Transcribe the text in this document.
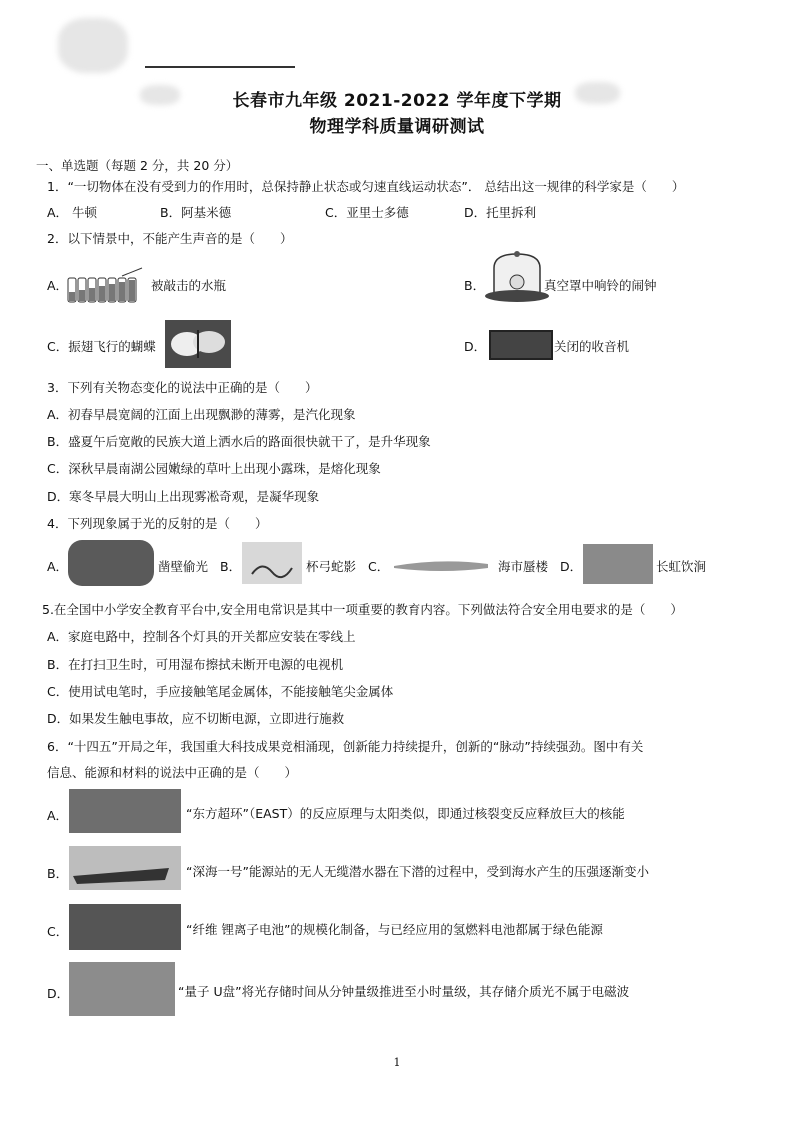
长春市九年级 2021-2022 学年度下学期
物理学科质量调研测试
一、单选题（每题 2 分，共 20 分）
1．“一切物体在没有受到力的作用时，总保持静止状态或匀速直线运动状态”． 总结出这一规律的科学家是（　　）
A． 牛顿	B．阿基米德	C．亚里士多德	D．托里拆利
2．以下情景中，不能产生声音的是（　　）
A．	被敲击的水瓶	B．	真空罩中响铃的闹钟
C．振翅飞行的蝴蝶	D．	关闭的收音机
3．下列有关物态变化的说法中正确的是（　　）
A．初春早晨宽阔的江面上出现飘渺的薄雾，是汽化现象
B．盛夏午后宽敞的民族大道上洒水后的路面很快就干了，是升华现象
C．深秋早晨南湖公园嫩绿的草叶上出现小露珠，是熔化现象
D．寒冬早晨大明山上出现雾凇奇观，是凝华现象
4．下列现象属于光的反射的是（　　）
A．	凿壁偷光 B．	杯弓蛇影 C．	海市蜃楼 D．	长虹饮涧
5.在全国中小学安全教育平台中,安全用电常识是其中一项重要的教育内容。下列做法符合安全用电要求的是（　　）
A．家庭电路中，控制各个灯具的开关都应安装在零线上
B．在打扫卫生时，可用湿布擦拭未断开电源的电视机
C．使用试电笔时，手应接触笔尾金属体，不能接触笔尖金属体
D．如果发生触电事故，应不切断电源，立即进行施救
6．“十四五”开局之年，我国重大科技成果竞相涌现，创新能力持续提升，创新的“脉动”持续强劲。图中有关
信息、能源和材料的说法中正确的是（　　）
A．	“东方超环”（EAST）的反应原理与太阳类似，即通过核裂变反应释放巨大的核能
B．	“深海一号”能源站的无人无缆潜水器在下潜的过程中，受到海水产生的压强逐渐变小
C．	“纤维 锂离子电池”的规模化制备，与已经应用的氢燃料电池都属于绿色能源
D．	“量子 U盘”将光存储时间从分钟量级推进至小时量级，其存储介质光不属于电磁波
1
